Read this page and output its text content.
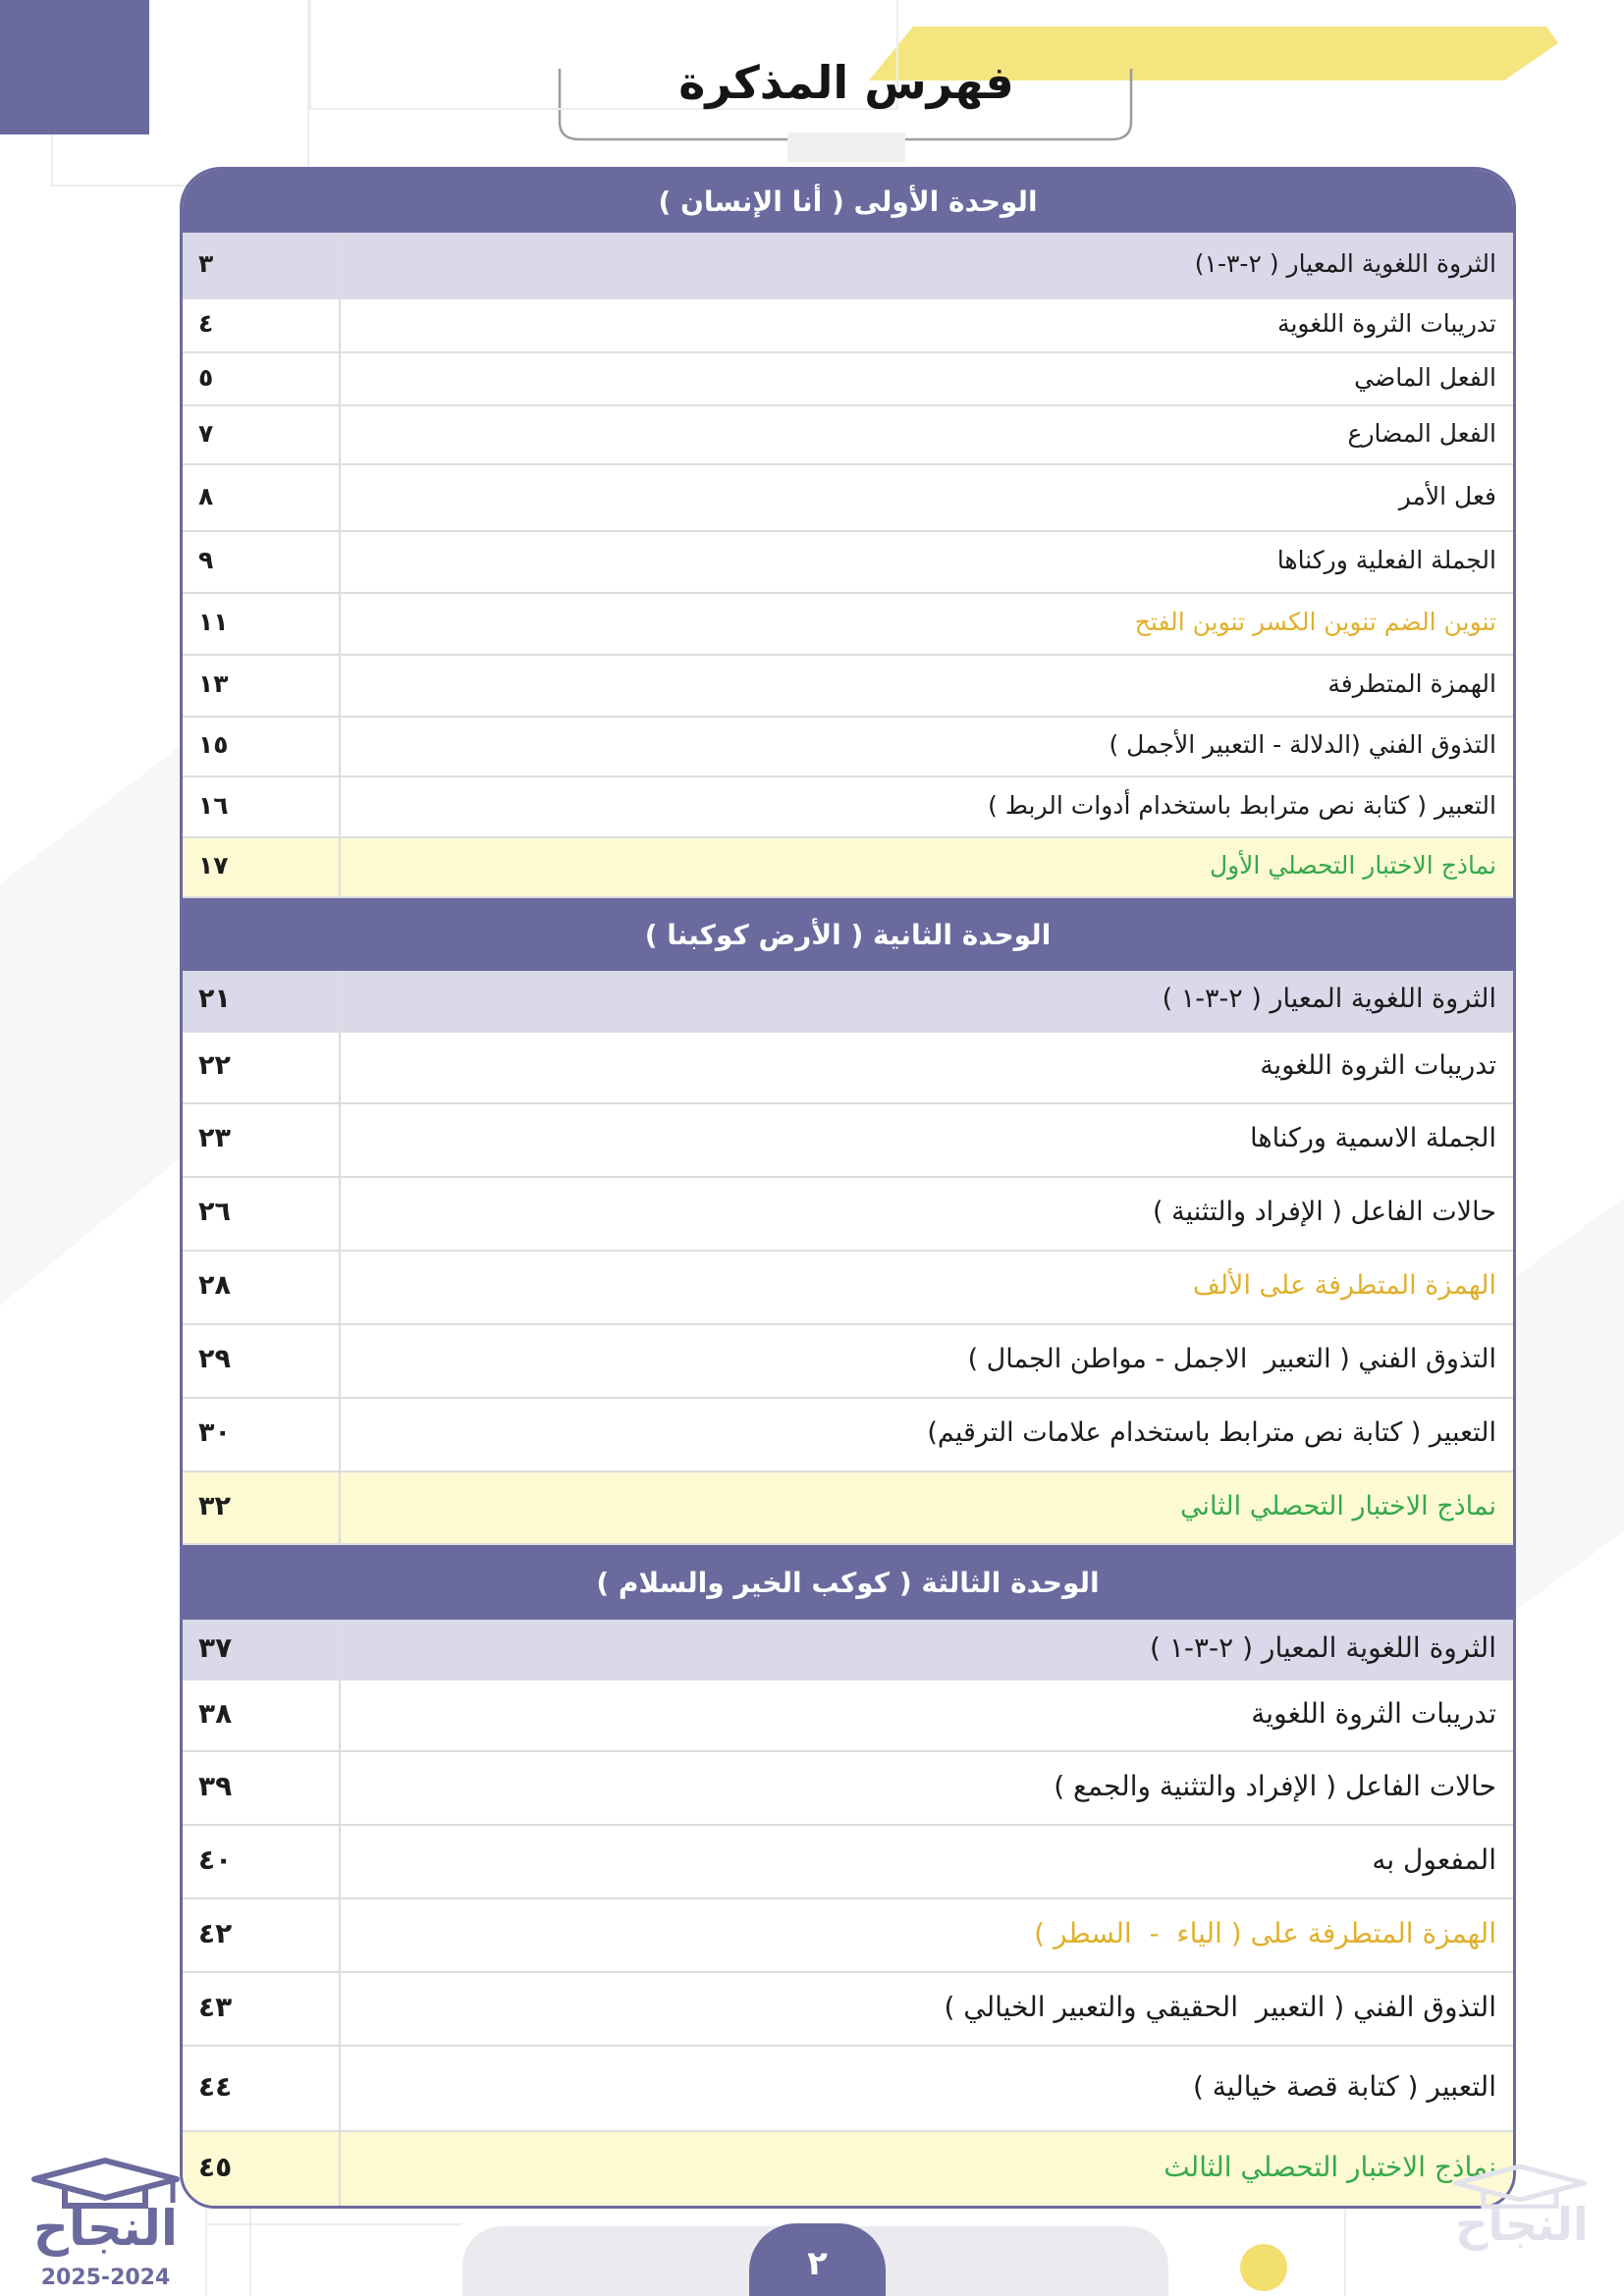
فهرس المذكرة
الوحدة الأولى ( أنا الإنسان )
الثروة اللغوية المعيار ( ٢-٣-١)
٣
تدريبات الثروة اللغوية
٤
الفعل الماضي
٥
الفعل المضارع
٧
فعل الأمر
٨
الجملة الفعلية وركناها
٩
تنوين الضم تنوين الكسر تنوين الفتح
١١
الهمزة المتطرفة
١٣
التذوق الفني (الدلالة - التعبير الأجمل )
١٥
التعبير ( كتابة نص مترابط باستخدام أدوات الربط )
١٦
نماذج الاختبار التحصلي الأول
١٧
الوحدة الثانية ( الأرض كوكبنا )
الثروة اللغوية المعيار ( ٢-٣-١ )
٢١
تدريبات الثروة اللغوية
٢٢
الجملة الاسمية وركناها
٢٣
حالات الفاعل ( الإفراد والتثنية )
٢٦
الهمزة المتطرفة على الألف
٢٨
التذوق الفني ( التعبير  الاجمل - مواطن الجمال )
٢٩
التعبير ( كتابة نص مترابط باستخدام علامات الترقيم)
٣٠
نماذج الاختبار التحصلي الثاني
٣٢
الوحدة الثالثة ( كوكب الخير والسلام )
الثروة اللغوية المعيار ( ٢-٣-١ )
٣٧
تدريبات الثروة اللغوية
٣٨
حالات الفاعل ( الإفراد والتثنية والجمع )
٣٩
المفعول به
٤٠
الهمزة المتطرفة على ( الياء  -  السطر )
٤٢
التذوق الفني ( التعبير  الحقيقي والتعبير الخيالي )
٤٣
التعبير ( كتابة قصة خيالية )
٤٤
نماذج الاختبار التحصلي الثالث
٤٥
٢
النجاح
2025-2024
النجاح
